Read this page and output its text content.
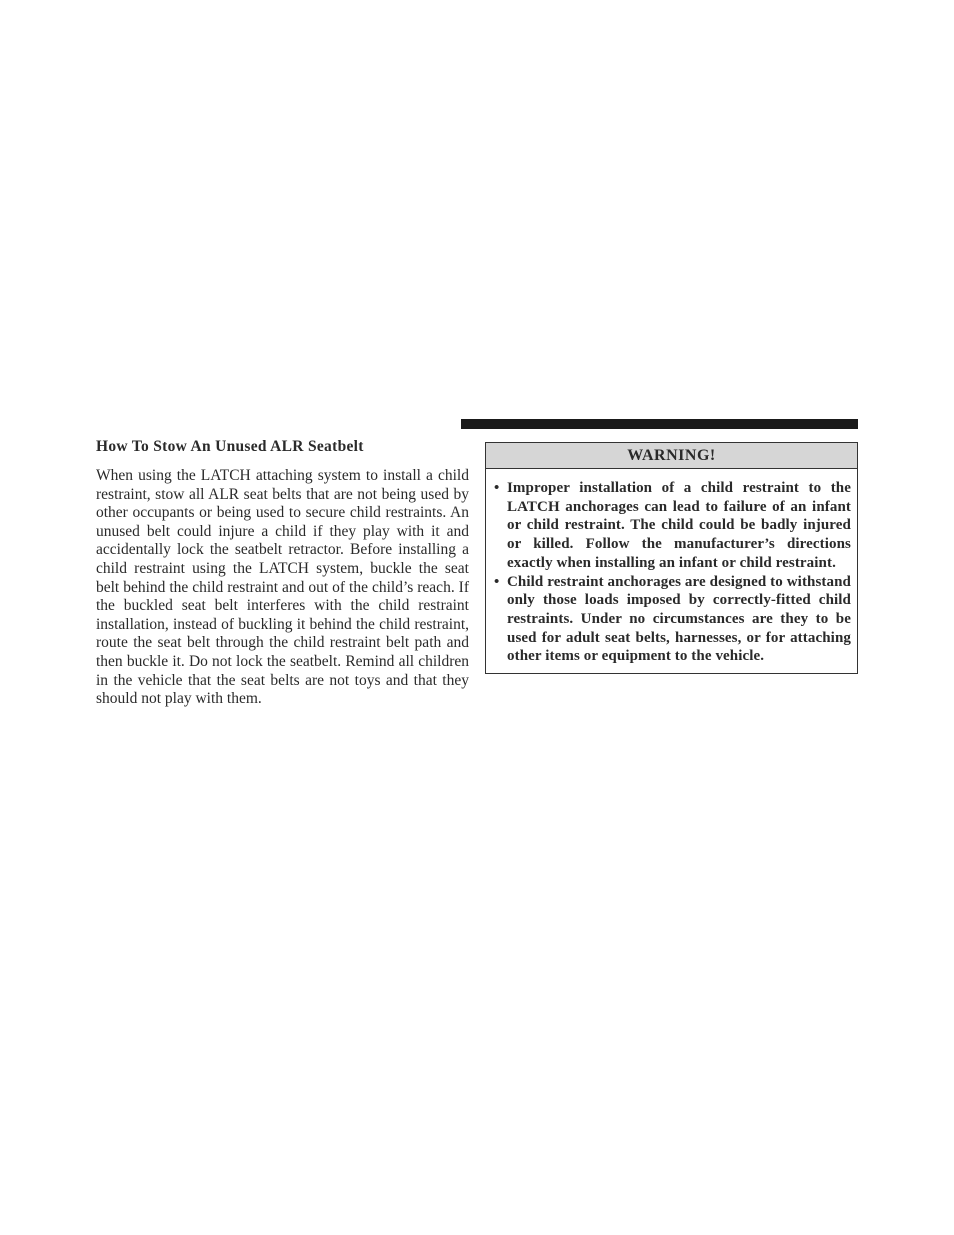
How To Stow An Unused ALR Seatbelt

When using the LATCH attaching system to install a child restraint, stow all ALR seat belts that are not being used by other occupants or being used to secure child restraints. An unused belt could injure a child if they play with it and accidentally lock the seatbelt retractor. Before installing a child restraint using the LATCH system, buckle the seat belt behind the child restraint and out of the child’s reach. If the buckled seat belt interferes with the child restraint installation, instead of buckling it behind the child restraint, route the seat belt through the child restraint belt path and then buckle it. Do not lock the seatbelt. Remind all children in the vehicle that the seat belts are not toys and that they should not play with them.

WARNING!
• Improper installation of a child restraint to the LATCH anchorages can lead to failure of an infant or child restraint. The child could be badly injured or killed. Follow the manufacturer’s directions exactly when installing an infant or child restraint.
• Child restraint anchorages are designed to withstand only those loads imposed by correctly-fitted child restraints. Under no circumstances are they to be used for adult seat belts, harnesses, or for attaching other items or equipment to the vehicle.
